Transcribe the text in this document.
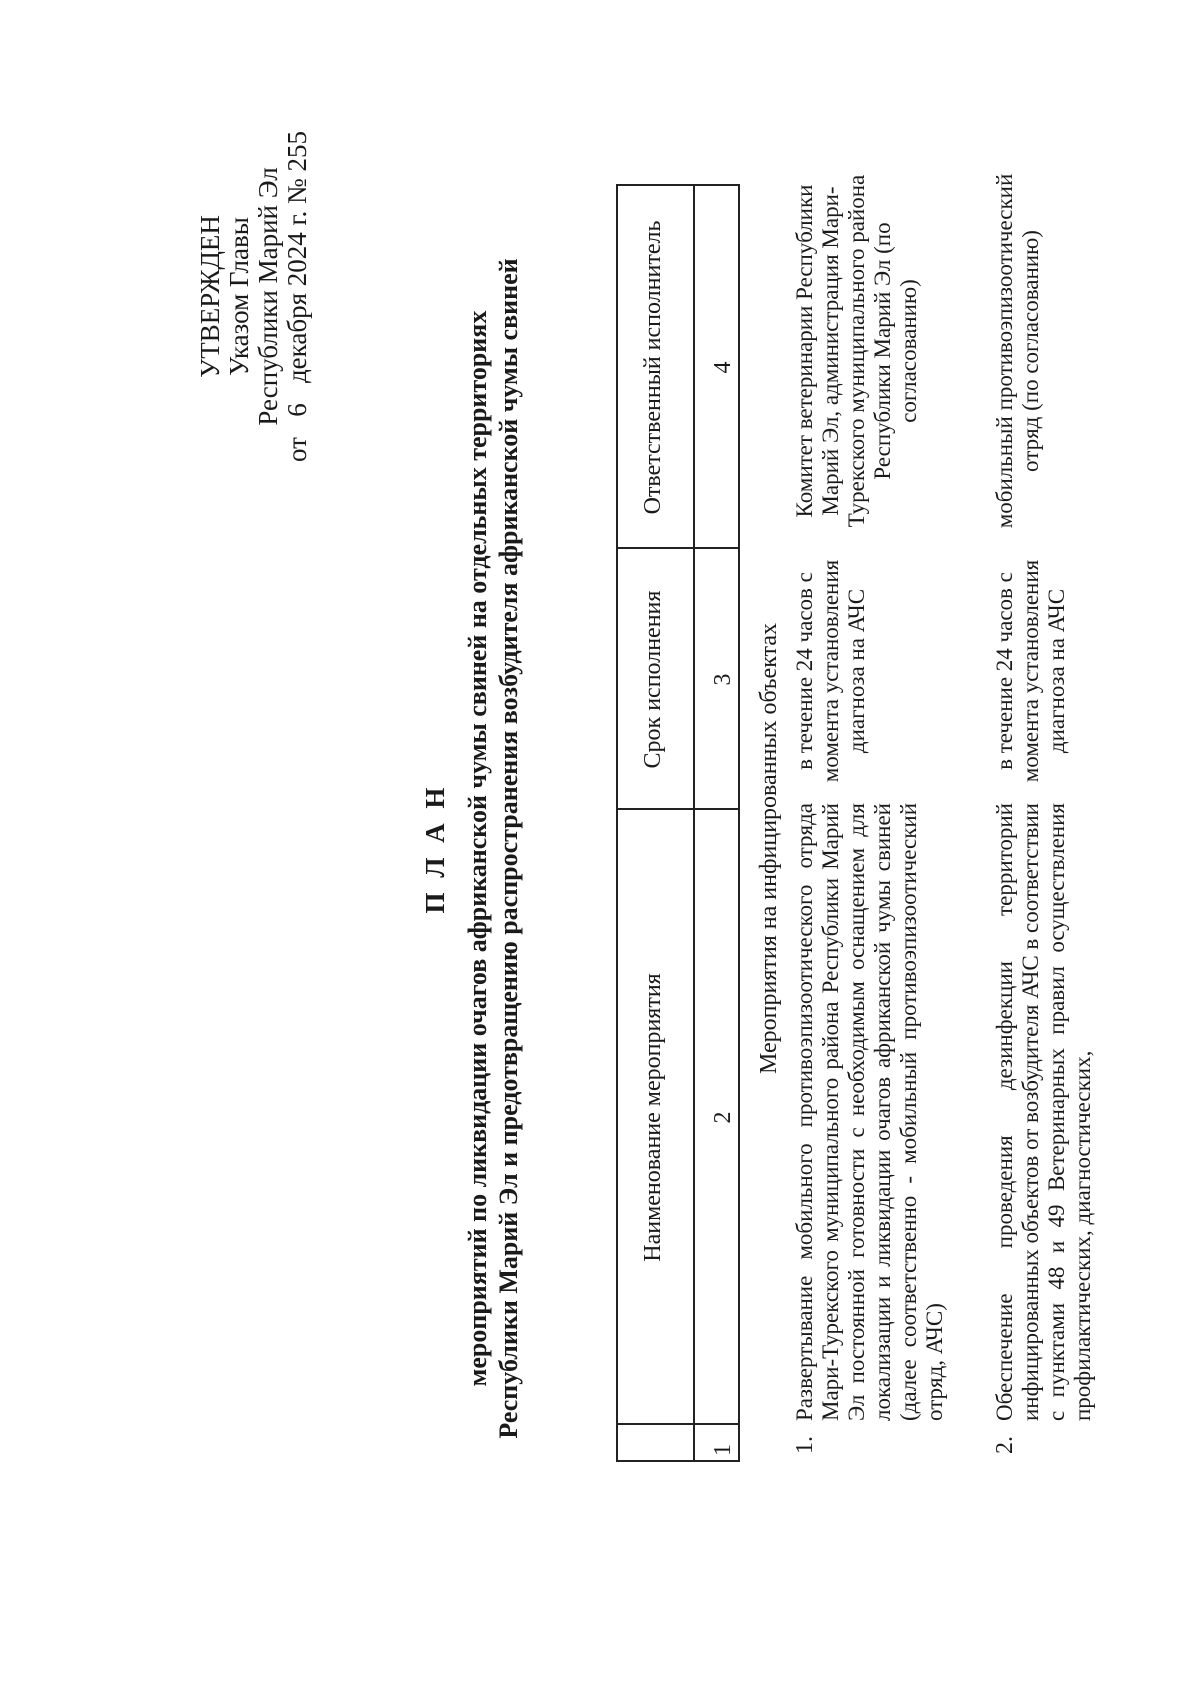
УТВЕРЖДЕН Указом Главы Республики Марий Эл от   6   декабря 2024 г. № 255
П Л А Н мероприятий по ликвидации очагов африканской чумы свиней на отдельных территориях Республики Марий Эл и предотвращению распространения возбудителя африканской чумы свиней	Наименование мероприятия
Срок исполнения
Ответственный исполнитель
1
2
3
4
Мероприятия на инфицированных объектах
1.
Развертывание мобильного противоэпизоотического отряда Мари-Турекского муниципального района Республики Марий Эл постоянной готовности с необходимым оснащением для локализации и ликвидации очагов африканской чумы свиней (далее соответственно - мобильный противоэпизоотический отряд, АЧС)
в течение 24 часов с момента установления диагноза на АЧС
Комитет ветеринарии Республики Марий Эл, администрация Мари-Турекского муниципального района Республики Марий Эл (по согласованию)
2.
Обеспечение проведения дезинфекции территорий инфицированных объектов от возбудителя АЧС в соответствии с пунктами 48 и 49 Ветеринарных правил осуществления профилактических, диагностических,
в течение 24 часов с момента установления диагноза на АЧС
мобильный противоэпизоотический отряд (по согласованию)
